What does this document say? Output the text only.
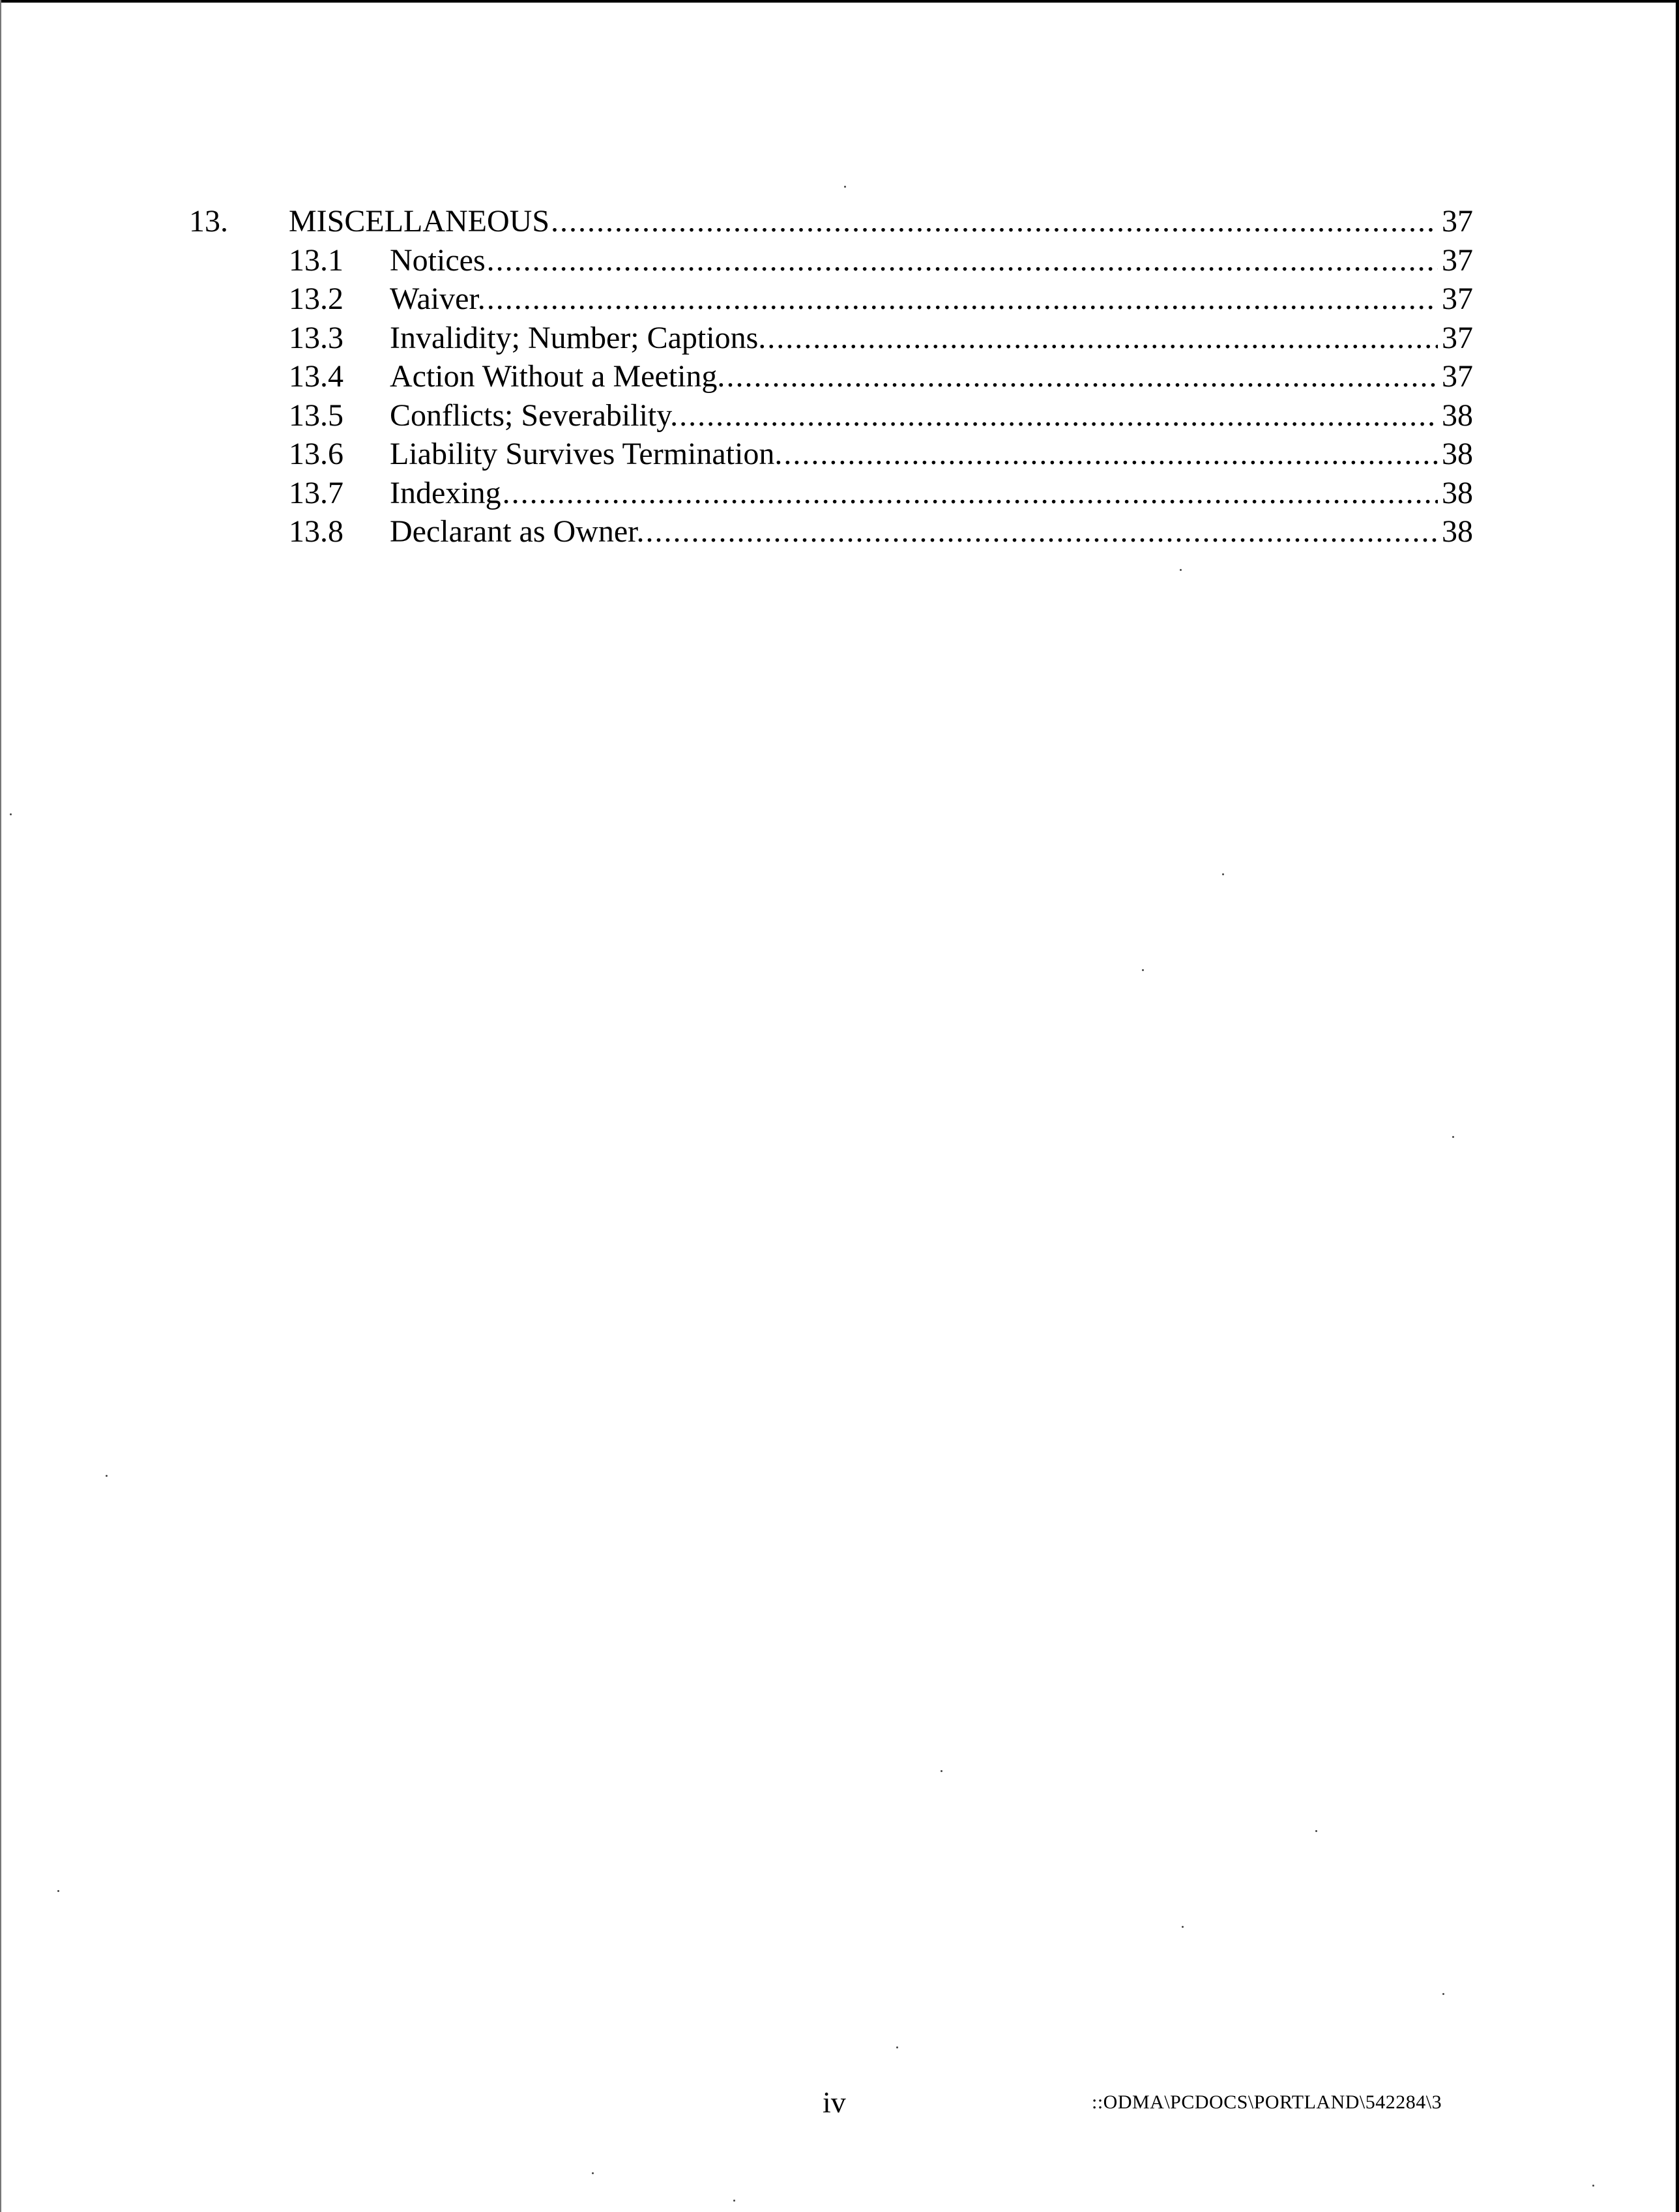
13. MISCELLANEOUS .....	37
13.1 Notices .....	37
13.2 Waiver. .....	37
13.3 Invalidity; Number; Captions. .....	37
13.4 Action Without a Meeting. .....	37
13.5 Conflicts; Severability. .....	38
13.6 Liability Survives Termination. .....	38
13.7 Indexing .....	38
13.8 Declarant as Owner. .....	38
iv	::ODMA\PCDOCS\PORTLAND\542284\3
